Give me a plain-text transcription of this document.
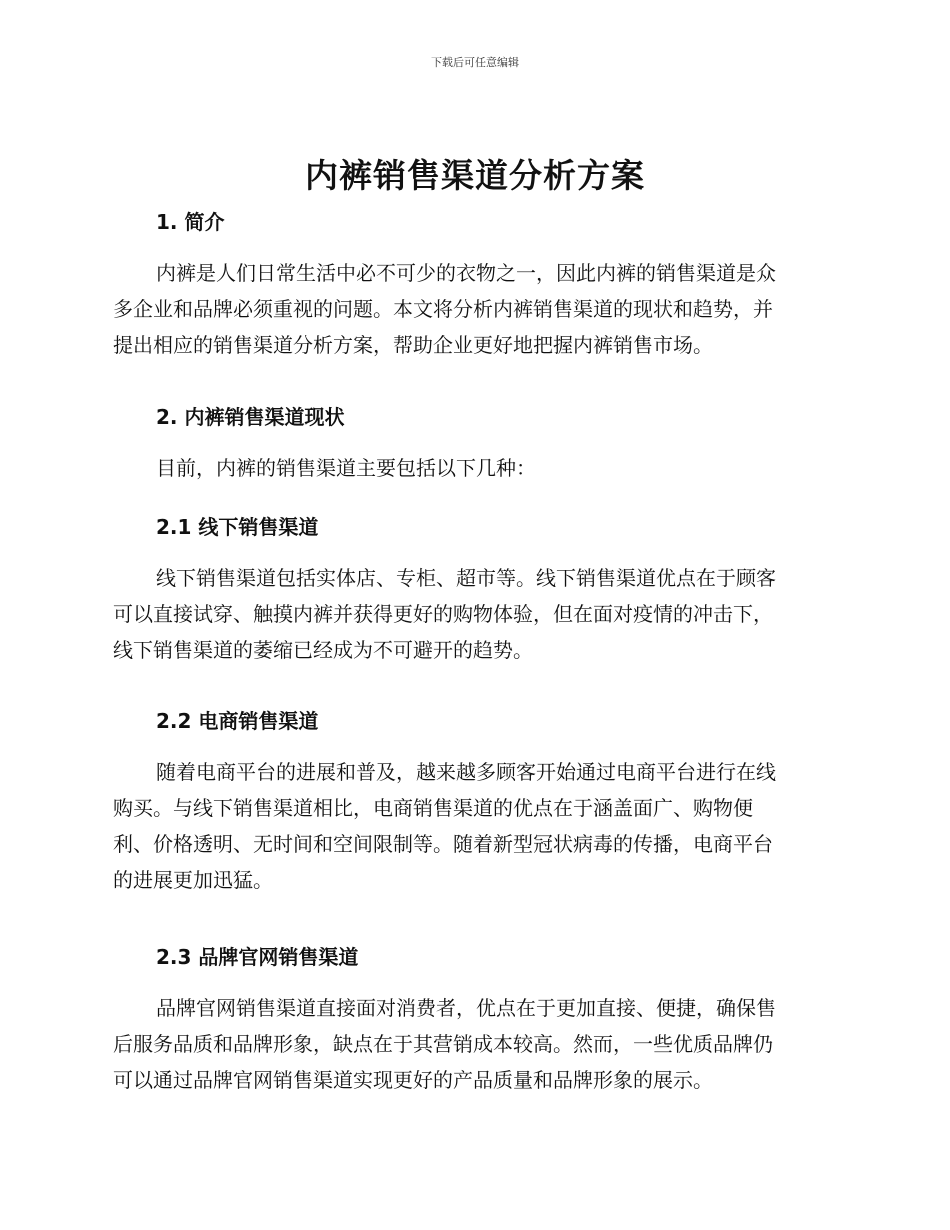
下载后可任意编辑
内裤销售渠道分析方案
1. 简介
内裤是人们日常生活中必不可少的衣物之一，因此内裤的销售渠道是众
多企业和品牌必须重视的问题。本文将分析内裤销售渠道的现状和趋势，并
提出相应的销售渠道分析方案，帮助企业更好地把握内裤销售市场。
2. 内裤销售渠道现状
目前，内裤的销售渠道主要包括以下几种：
2.1 线下销售渠道
线下销售渠道包括实体店、专柜、超市等。线下销售渠道优点在于顾客
可以直接试穿、触摸内裤并获得更好的购物体验，但在面对疫情的冲击下，
线下销售渠道的萎缩已经成为不可避开的趋势。
2.2 电商销售渠道
随着电商平台的进展和普及，越来越多顾客开始通过电商平台进行在线
购买。与线下销售渠道相比，电商销售渠道的优点在于涵盖面广、购物便
利、价格透明、无时间和空间限制等。随着新型冠状病毒的传播，电商平台
的进展更加迅猛。
2.3 品牌官网销售渠道
品牌官网销售渠道直接面对消费者，优点在于更加直接、便捷，确保售
后服务品质和品牌形象，缺点在于其营销成本较高。然而，一些优质品牌仍
可以通过品牌官网销售渠道实现更好的产品质量和品牌形象的展示。
